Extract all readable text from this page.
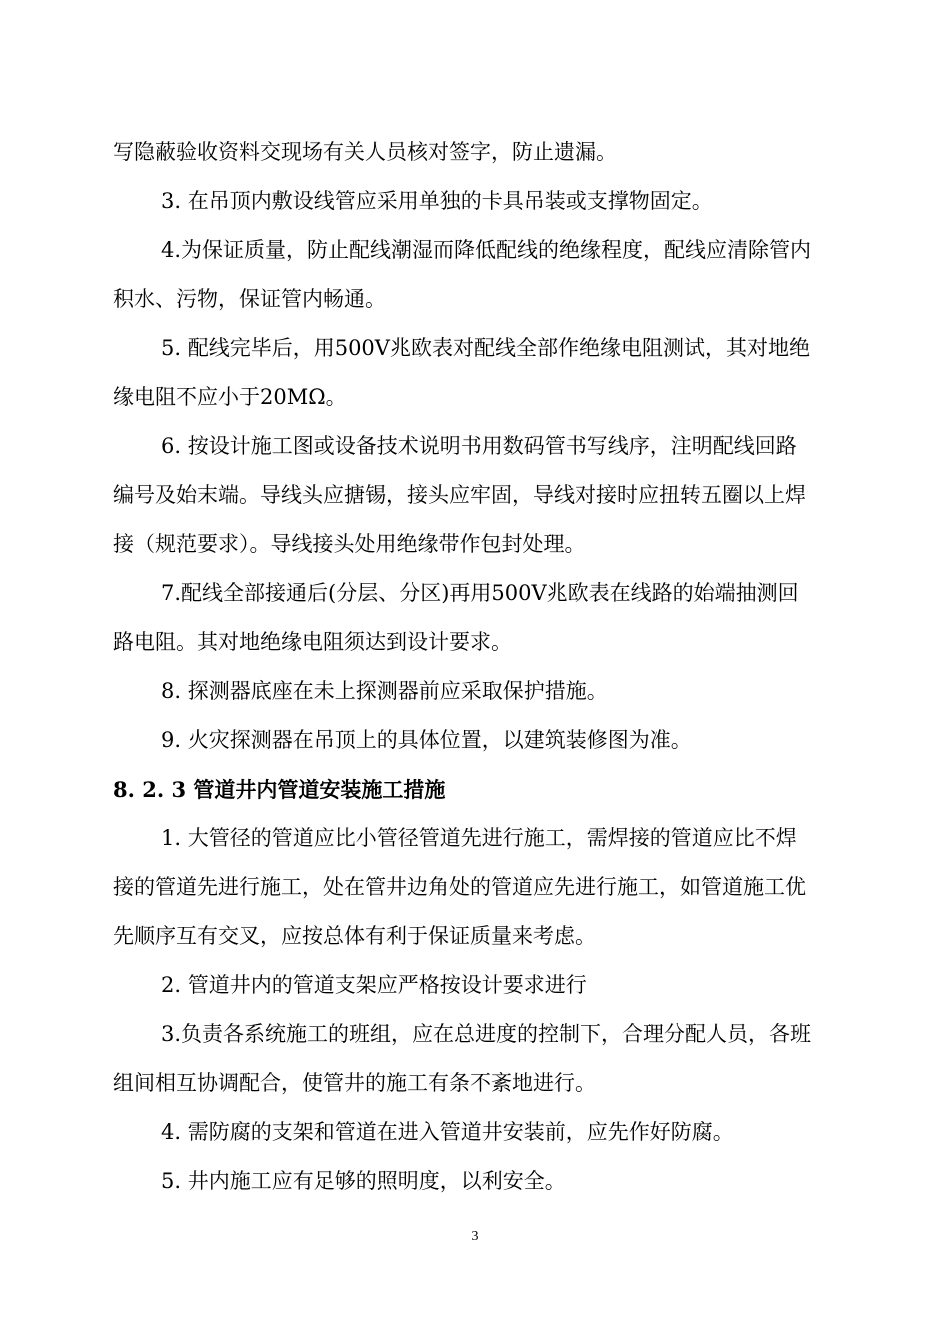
写隐蔽验收资料交现场有关人员核对签字，防止遗漏。
3. 在吊顶内敷设线管应采用单独的卡具吊装或支撑物固定。
4.为保证质量，防止配线潮湿而降低配线的绝缘程度，配线应清除管内
积水、污物，保证管内畅通。
5. 配线完毕后，用500V兆欧表对配线全部作绝缘电阻测试，其对地绝
缘电阻不应小于20MΩ。
6. 按设计施工图或设备技术说明书用数码管书写线序，注明配线回路
编号及始末端。导线头应搪锡，接头应牢固，导线对接时应扭转五圈以上焊
接（规范要求）。导线接头处用绝缘带作包封处理。
7.配线全部接通后(分层、分区)再用500V兆欧表在线路的始端抽测回
路电阻。其对地绝缘电阻须达到设计要求。
8. 探测器底座在未上探测器前应采取保护措施。
9. 火灾探测器在吊顶上的具体位置，以建筑装修图为准。
8. 2. 3 管道井内管道安装施工措施
1. 大管径的管道应比小管径管道先进行施工，需焊接的管道应比不焊
接的管道先进行施工，处在管井边角处的管道应先进行施工，如管道施工优
先顺序互有交叉，应按总体有利于保证质量来考虑。
2. 管道井内的管道支架应严格按设计要求进行
3.负责各系统施工的班组，应在总进度的控制下，合理分配人员，各班
组间相互协调配合，使管井的施工有条不紊地进行。
4. 需防腐的支架和管道在进入管道井安装前，应先作好防腐。
5. 井内施工应有足够的照明度，以利安全。
3
